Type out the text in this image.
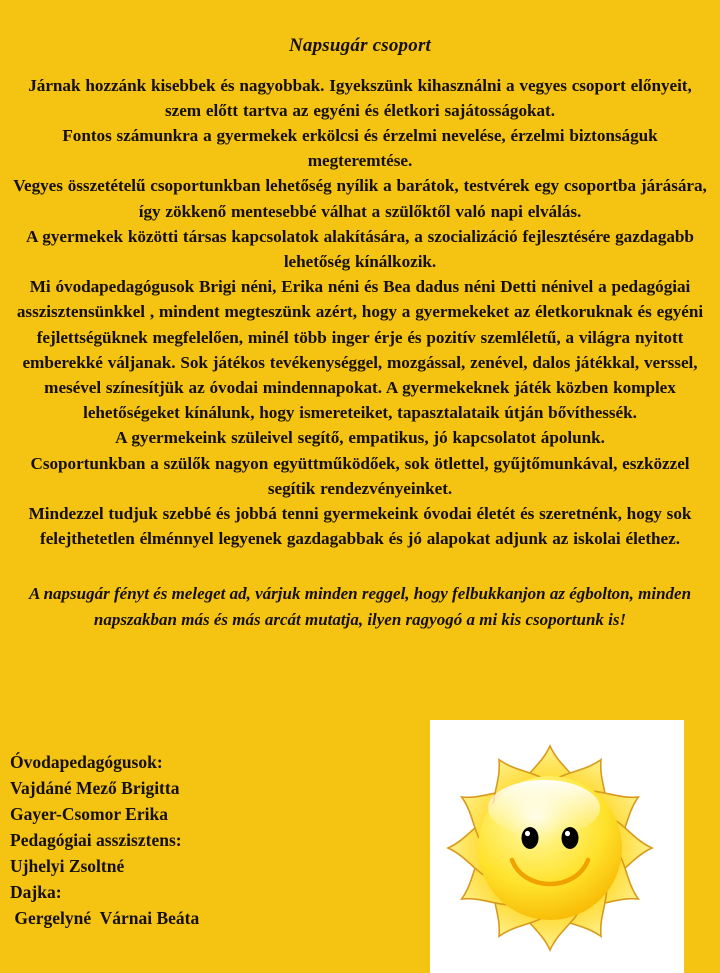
Napsugár csoport

Járnak hozzánk kisebbek és nagyobbak. Igyekszünk kihasználni a vegyes csoport előnyeit, szem előtt tartva az egyéni és életkori sajátosságokat.

Fontos számunkra a gyermekek erkölcsi és érzelmi nevelése, érzelmi biztonságuk megteremtése.

Vegyes összetételű csoportunkban lehetőség nyílik a barátok, testvérek egy csoportba járására, így zökkenő mentesebbé válhat a szülőktől való napi elválás.

A gyermekek közötti társas kapcsolatok alakítására, a szocializáció fejlesztésére gazdagabb lehetőség kínálkozik.

Mi óvodapedagógusok Brigi néni, Erika néni és Bea dadus néni Detti nénivel a pedagógiai asszisztensünkkel , mindent megteszünk azért, hogy a gyermekeket az életkoruknak és egyéni fejlettségüknek megfelelően, minél több inger érje és pozitív szemléletű, a világra nyitott emberekké váljanak. Sok játékos tevékenységgel, mozgással, zenével, dalos játékkal, verssel, mesével színesítjük az óvodai mindennapokat. A gyermekeknek játék közben komplex lehetőségeket kínálunk, hogy ismereteiket, tapasztalataik útján bővíthessék.

A gyermekeink szüleivel segítő, empatikus, jó kapcsolatot ápolunk.

Csoportunkban a szülők nagyon együttműködőek, sok ötlettel, gyűjtőmunkával, eszközzel segítik rendezvényeinket.

Mindezzel tudjuk szebbé és jobbá tenni gyermekeink óvodai életét és szeretnénk, hogy sok felejthetetlen élménnyel legyenek gazdagabbak és jó alapokat adjunk az iskolai élethez.

A napsugár fényt és meleget ad, várjuk minden reggel, hogy felbukkanjon az égbolton, minden napszakban más és más arcát mutatja, ilyen ragyogó a mi kis csoportunk is!

Óvodapedagógusok:
Vajdáné Mező Brigitta
Gayer-Csomor Erika
Pedagógiai asszisztens:
Ujhelyi Zsoltné
Dajka:
Gergelyné  Várnai Beáta
